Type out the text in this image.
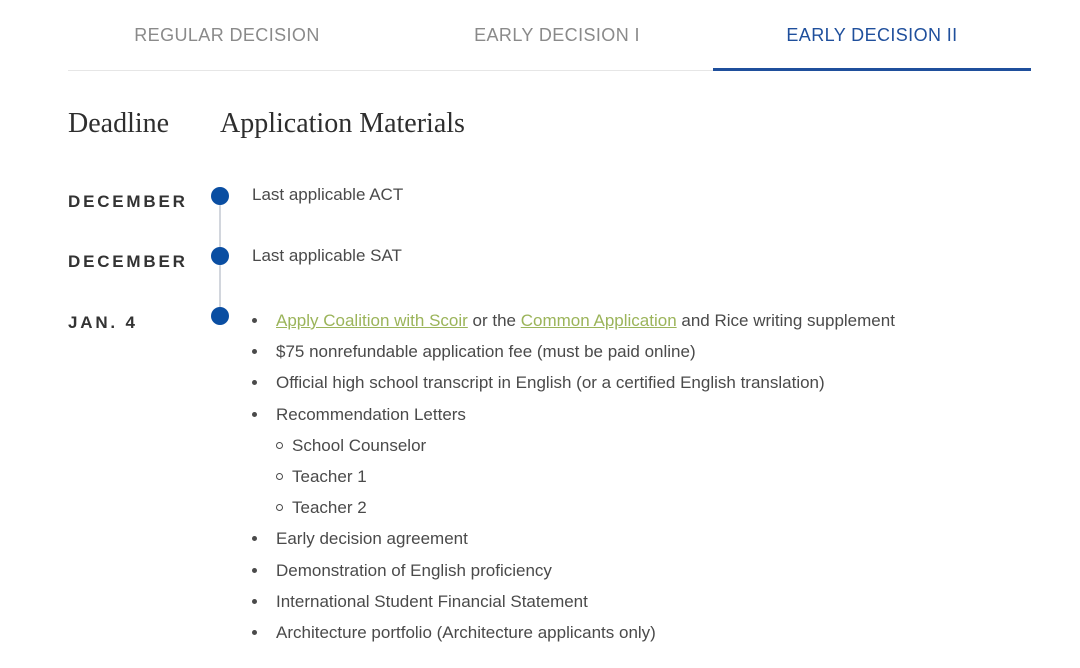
REGULAR DECISION	EARLY DECISION I	EARLY DECISION II
Deadline Application Materials
DECEMBER	Last applicable ACT
DECEMBER	Last applicable SAT
JAN. 4	Apply Coalition with Scoir or the Common Application and Rice writing supplement
$75 nonrefundable application fee (must be paid online)
Official high school transcript in English (or a certified English translation)
Recommendation Letters
School Counselor
Teacher 1
Teacher 2
Early decision agreement
Demonstration of English proficiency
International Student Financial Statement
Architecture portfolio (Architecture applicants only)
